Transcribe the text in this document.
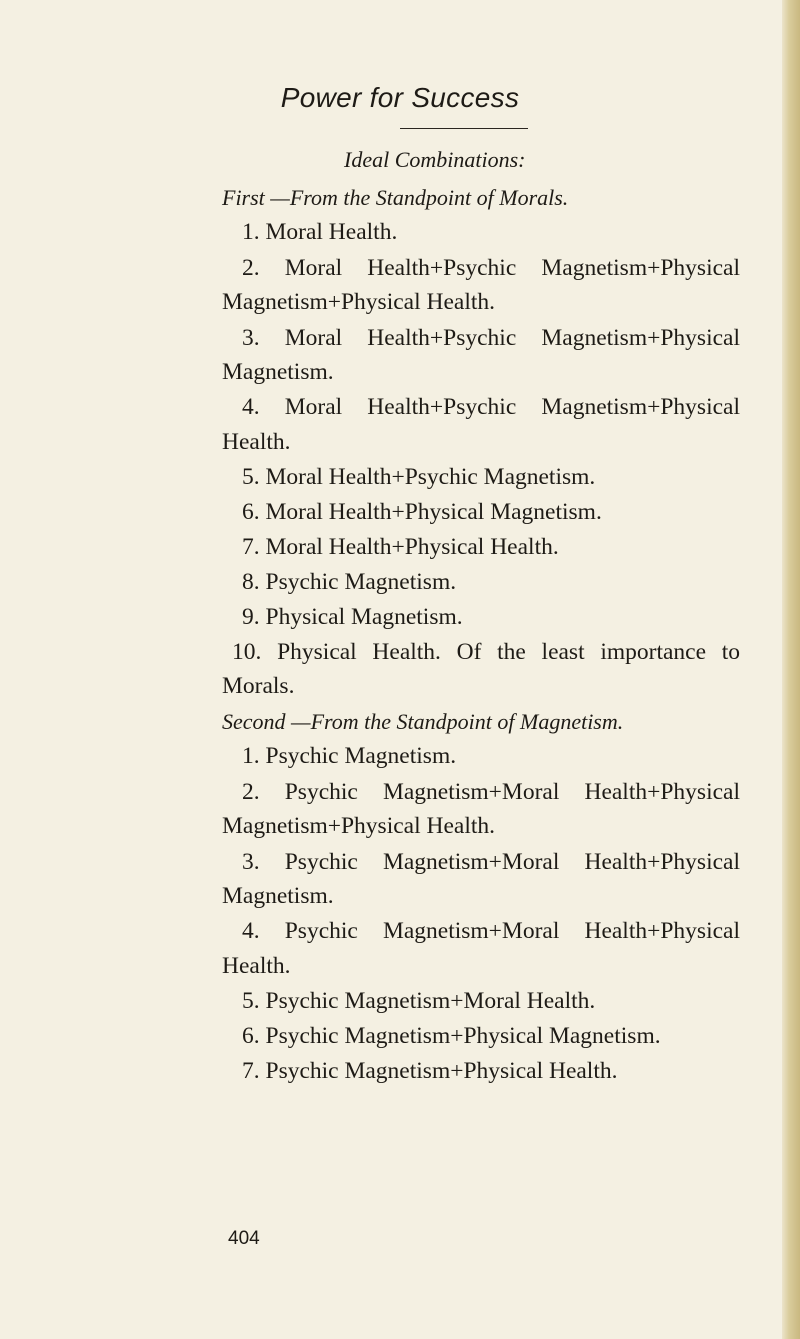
Power for Success
Ideal Combinations:
First —From the Standpoint of Morals.
1. Moral Health.
2. Moral Health+Psychic Magnetism+Physical
Magnetism+Physical Health.
3. Moral Health+Psychic Magnetism+Physical
Magnetism.
4. Moral Health+Psychic Magnetism+Physical
Health.
5. Moral Health+Psychic Magnetism.
6. Moral Health+Physical Magnetism.
7. Moral Health+Physical Health.
8. Psychic Magnetism.
9. Physical Magnetism.
10. Physical Health. Of the least importance to
Morals.
Second —From the Standpoint of Magnetism.
1. Psychic Magnetism.
2. Psychic Magnetism+Moral Health+Physical
Magnetism+Physical Health.
3. Psychic Magnetism+Moral Health+Physical
Magnetism.
4. Psychic Magnetism+Moral Health+Physical
Health.
5. Psychic Magnetism+Moral Health.
6. Psychic Magnetism+Physical Magnetism.
7. Psychic Magnetism+Physical Health.
404
